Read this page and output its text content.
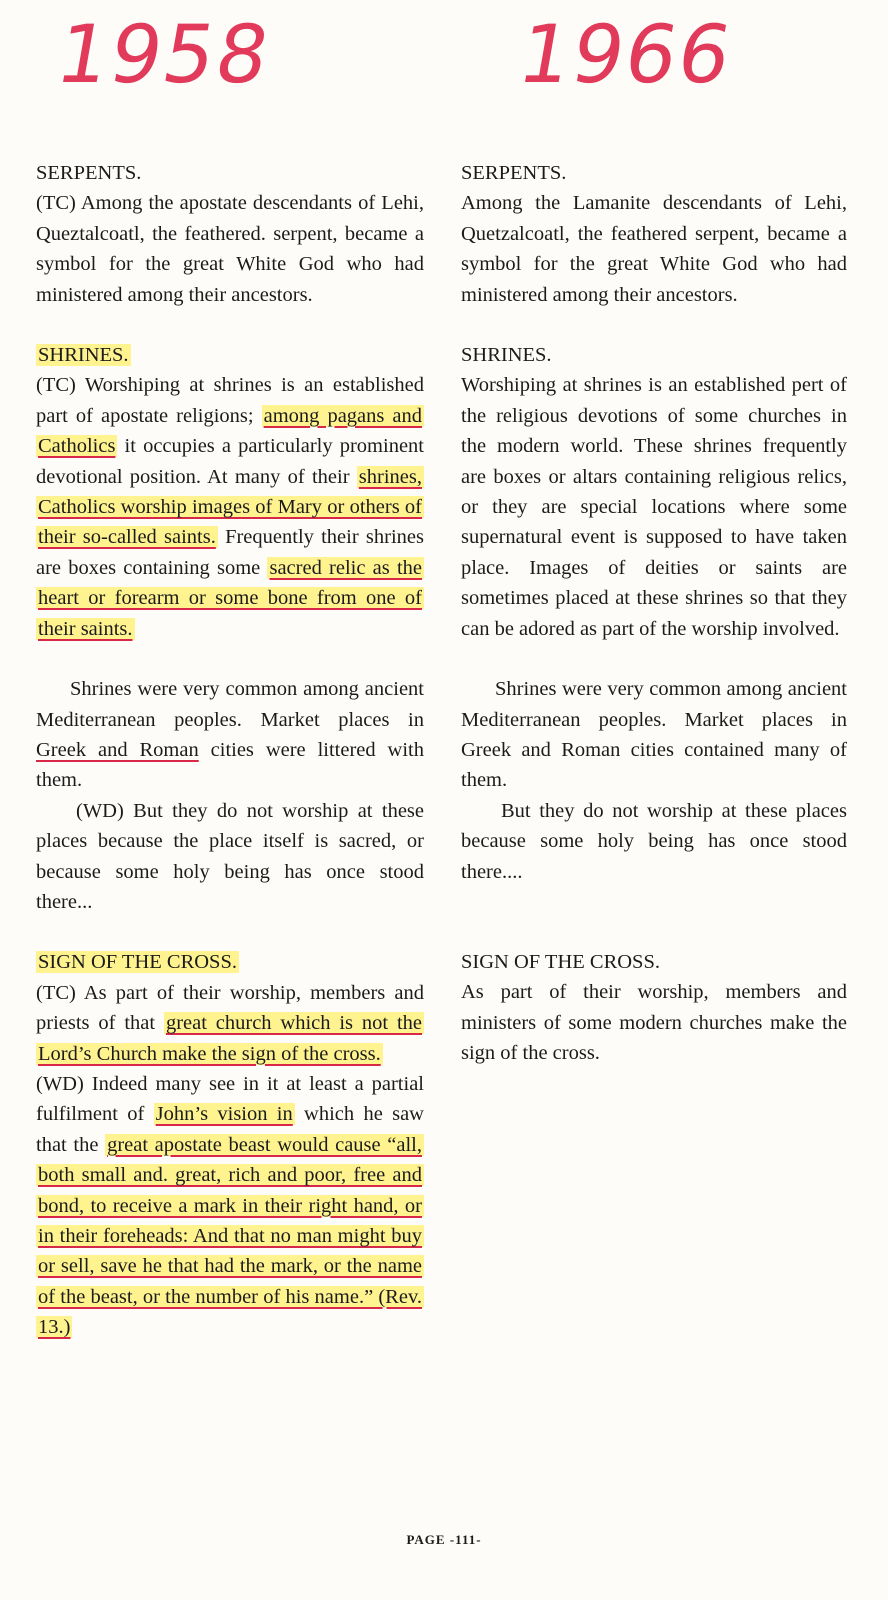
1958	1966
SERPENTS.
(TC) Among the apostate descendants of Lehi, Queztalcoatl, the feathered. serpent, became a symbol for the great White God who had ministered among their ancestors.
SHRINES.
(TC) Worshiping at shrines is an established part of apostate religions; among pagans and Catholics it occupies a particularly prominent devotional position. At many of their shrines, Catholics worship images of Mary or others of their so-called saints. Frequently their shrines are boxes containing some sacred relic as the heart or forearm or some bone from one of their saints.
Shrines were very common among ancient Mediterranean peoples. Market places in Greek and Roman cities were littered with them.
(WD) But they do not worship at these places because the place itself is sacred, or because some holy being has once stood there...
SIGN OF THE CROSS.
(TC) As part of their worship, members and priests of that great church which is not the Lord’s Church make the sign of the cross.
(WD) Indeed many see in it at least a partial fulfilment of John’s vision in which he saw that the great apostate beast would cause “all, both small and. great, rich and poor, free and bond, to receive a mark in their right hand, or in their foreheads: And that no man might buy or sell, save he that had the mark, or the name of the beast, or the number of his name.” (Rev. 13.)
SERPENTS.
Among the Lamanite descendants of Lehi, Quetzalcoatl, the feathered serpent, became a symbol for the great White God who had ministered among their ancestors.
SHRINES.
Worshiping at shrines is an established pert of the religious devotions of some churches in the modern world. These shrines frequently are boxes or altars containing religious relics, or they are special locations where some supernatural event is supposed to have taken place. Images of deities or saints are sometimes placed at these shrines so that they can be adored as part of the worship involved.
Shrines were very common among ancient Mediterranean peoples. Market places in Greek and Roman cities contained many of them.
But they do not worship at these places because some holy being has once stood there....
SIGN OF THE CROSS.
As part of their worship, members and ministers of some modern churches make the sign of the cross.
PAGE -111-
